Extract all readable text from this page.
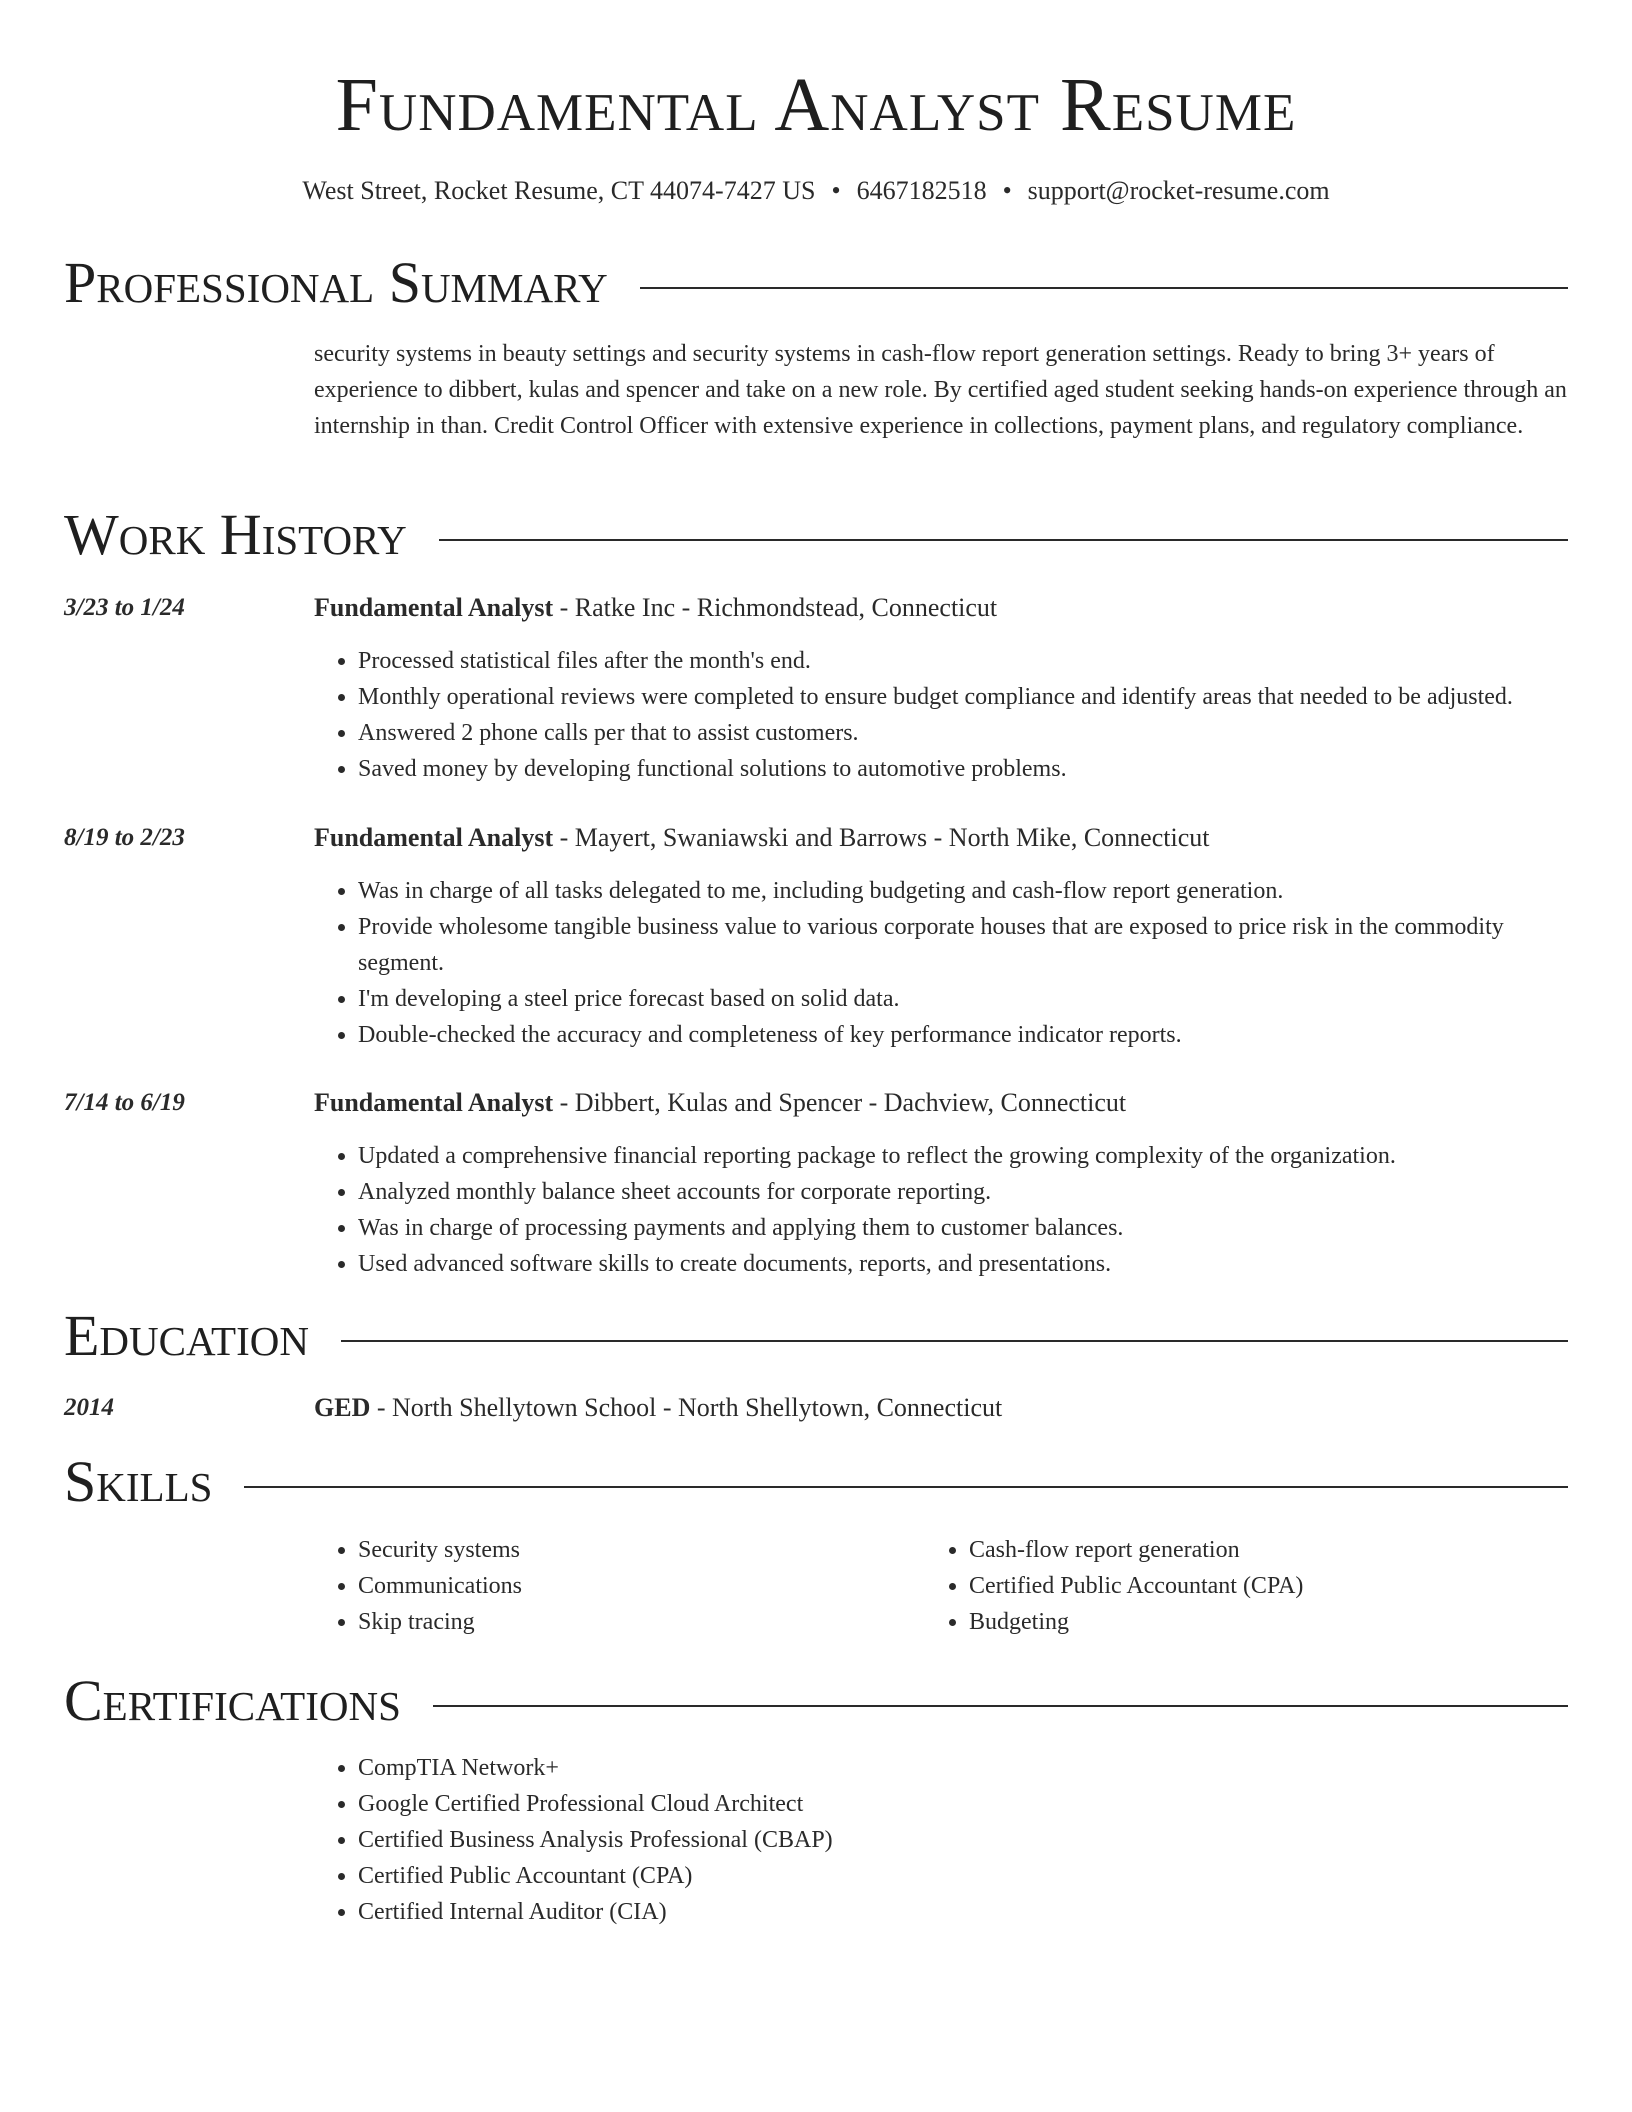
Fundamental Analyst Resume
West Street, Rocket Resume, CT 44074-7427 US • 6467182518 • support@rocket-resume.com
Professional Summary
security systems in beauty settings and security systems in cash-flow report generation settings. Ready to bring 3+ years of experience to dibbert, kulas and spencer and take on a new role. By certified aged student seeking hands-on experience through an internship in than. Credit Control Officer with extensive experience in collections, payment plans, and regulatory compliance.
Work History
3/23 to 1/24	Fundamental Analyst - Ratke Inc - Richmondstead, Connecticut
• Processed statistical files after the month's end.
• Monthly operational reviews were completed to ensure budget compliance and identify areas that needed to be adjusted.
• Answered 2 phone calls per that to assist customers.
• Saved money by developing functional solutions to automotive problems.
8/19 to 2/23	Fundamental Analyst - Mayert, Swaniawski and Barrows - North Mike, Connecticut
• Was in charge of all tasks delegated to me, including budgeting and cash-flow report generation.
• Provide wholesome tangible business value to various corporate houses that are exposed to price risk in the commodity segment.
• I'm developing a steel price forecast based on solid data.
• Double-checked the accuracy and completeness of key performance indicator reports.
7/14 to 6/19	Fundamental Analyst - Dibbert, Kulas and Spencer - Dachview, Connecticut
• Updated a comprehensive financial reporting package to reflect the growing complexity of the organization.
• Analyzed monthly balance sheet accounts for corporate reporting.
• Was in charge of processing payments and applying them to customer balances.
• Used advanced software skills to create documents, reports, and presentations.
Education
2014	GED - North Shellytown School - North Shellytown, Connecticut
Skills
• Security systems
• Communications
• Skip tracing
• Cash-flow report generation
• Certified Public Accountant (CPA)
• Budgeting
Certifications
• CompTIA Network+
• Google Certified Professional Cloud Architect
• Certified Business Analysis Professional (CBAP)
• Certified Public Accountant (CPA)
• Certified Internal Auditor (CIA)
